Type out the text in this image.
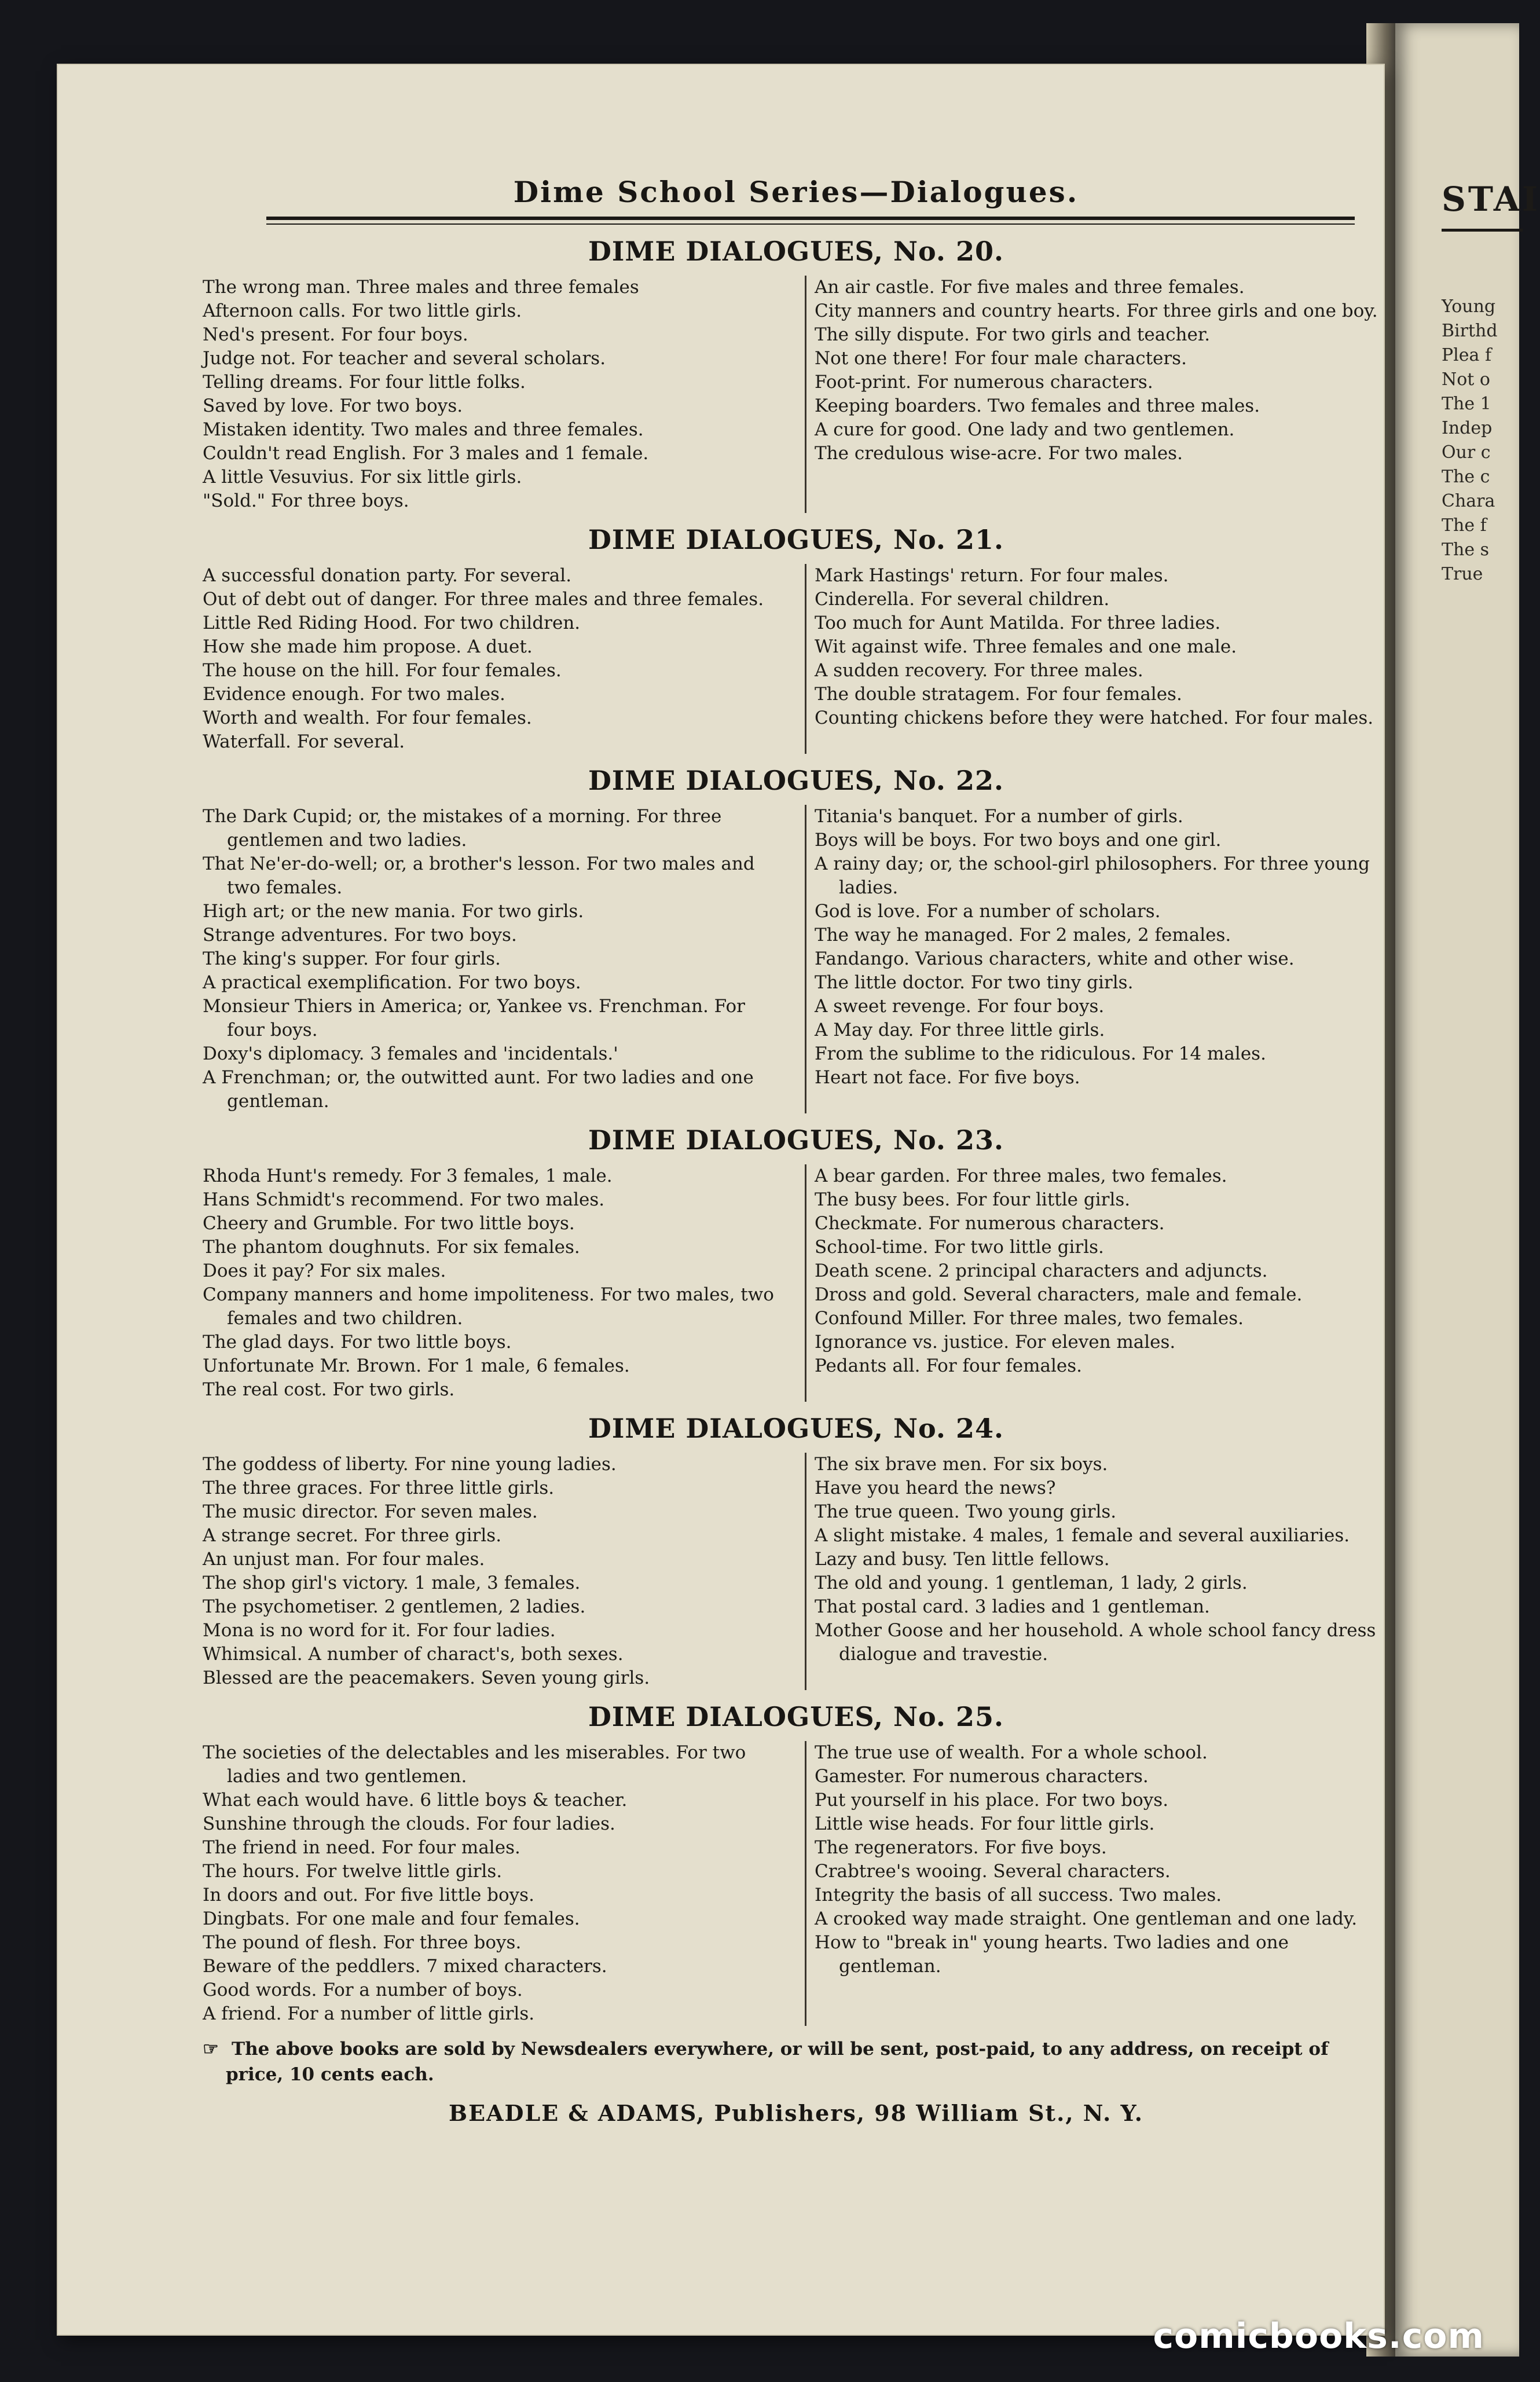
STAI
Young
Birthd
Plea f
Not o
The 1
Indep
Our c
The c
Chara
The f
The s
True
Dime School Series—Dialogues.
DIME DIALOGUES, No. 20.
The wrong man. Three males and three females
Afternoon calls. For two little girls.
Ned's present. For four boys.
Judge not. For teacher and several scholars.
Telling dreams. For four little folks.
Saved by love. For two boys.
Mistaken identity. Two males and three females.
Couldn't read English. For 3 males and 1 female.
A little Vesuvius. For six little girls.
"Sold." For three boys.
An air castle. For five males and three females.
City manners and country hearts. For three girls and one boy.
The silly dispute. For two girls and teacher.
Not one there! For four male characters.
Foot-print. For numerous characters.
Keeping boarders. Two females and three males.
A cure for good. One lady and two gentlemen.
The credulous wise-acre. For two males.
DIME DIALOGUES, No. 21.
A successful donation party. For several.
Out of debt out of danger. For three males and three females.
Little Red Riding Hood. For two children.
How she made him propose. A duet.
The house on the hill. For four females.
Evidence enough. For two males.
Worth and wealth. For four females.
Waterfall. For several.
Mark Hastings' return. For four males.
Cinderella. For several children.
Too much for Aunt Matilda. For three ladies.
Wit against wife. Three females and one male.
A sudden recovery. For three males.
The double stratagem. For four females.
Counting chickens before they were hatched. For four males.
DIME DIALOGUES, No. 22.
The Dark Cupid; or, the mistakes of a morning. For three gentlemen and two ladies.
That Ne'er-do-well; or, a brother's lesson. For two males and two females.
High art; or the new mania. For two girls.
Strange adventures. For two boys.
The king's supper. For four girls.
A practical exemplification. For two boys.
Monsieur Thiers in America; or, Yankee vs. Frenchman. For four boys.
Doxy's diplomacy. 3 females and 'incidentals.'
A Frenchman; or, the outwitted aunt. For two ladies and one gentleman.
Titania's banquet. For a number of girls.
Boys will be boys. For two boys and one girl.
A rainy day; or, the school-girl philosophers. For three young ladies.
God is love. For a number of scholars.
The way he managed. For 2 males, 2 females.
Fandango. Various characters, white and other wise.
The little doctor. For two tiny girls.
A sweet revenge. For four boys.
A May day. For three little girls.
From the sublime to the ridiculous. For 14 males.
Heart not face. For five boys.
DIME DIALOGUES, No. 23.
Rhoda Hunt's remedy. For 3 females, 1 male.
Hans Schmidt's recommend. For two males.
Cheery and Grumble. For two little boys.
The phantom doughnuts. For six females.
Does it pay? For six males.
Company manners and home impoliteness. For two males, two females and two children.
The glad days. For two little boys.
Unfortunate Mr. Brown. For 1 male, 6 females.
The real cost. For two girls.
A bear garden. For three males, two females.
The busy bees. For four little girls.
Checkmate. For numerous characters.
School-time. For two little girls.
Death scene. 2 principal characters and adjuncts.
Dross and gold. Several characters, male and female.
Confound Miller. For three males, two females.
Ignorance vs. justice. For eleven males.
Pedants all. For four females.
DIME DIALOGUES, No. 24.
The goddess of liberty. For nine young ladies.
The three graces. For three little girls.
The music director. For seven males.
A strange secret. For three girls.
An unjust man. For four males.
The shop girl's victory. 1 male, 3 females.
The psychometiser. 2 gentlemen, 2 ladies.
Mona is no word for it. For four ladies.
Whimsical. A number of charact's, both sexes.
Blessed are the peacemakers. Seven young girls.
The six brave men. For six boys.
Have you heard the news?
The true queen. Two young girls.
A slight mistake. 4 males, 1 female and several auxiliaries.
Lazy and busy. Ten little fellows.
The old and young. 1 gentleman, 1 lady, 2 girls.
That postal card. 3 ladies and 1 gentleman.
Mother Goose and her household. A whole school fancy dress dialogue and travestie.
DIME DIALOGUES, No. 25.
The societies of the delectables and les miserables. For two ladies and two gentlemen.
What each would have. 6 little boys & teacher.
Sunshine through the clouds. For four ladies.
The friend in need. For four males.
The hours. For twelve little girls.
In doors and out. For five little boys.
Dingbats. For one male and four females.
The pound of flesh. For three boys.
Beware of the peddlers. 7 mixed characters.
Good words. For a number of boys.
A friend. For a number of little girls.
The true use of wealth. For a whole school.
Gamester. For numerous characters.
Put yourself in his place. For two boys.
Little wise heads. For four little girls.
The regenerators. For five boys.
Crabtree's wooing. Several characters.
Integrity the basis of all success. Two males.
A crooked way made straight. One gentleman and one lady.
How to "break in" young hearts. Two ladies and one gentleman.
☞ The above books are sold by Newsdealers everywhere, or will be sent, post-paid, to any address, on receipt of price, 10 cents each.
BEADLE & ADAMS, Publishers, 98 William St., N. Y.
comicbooks.com
